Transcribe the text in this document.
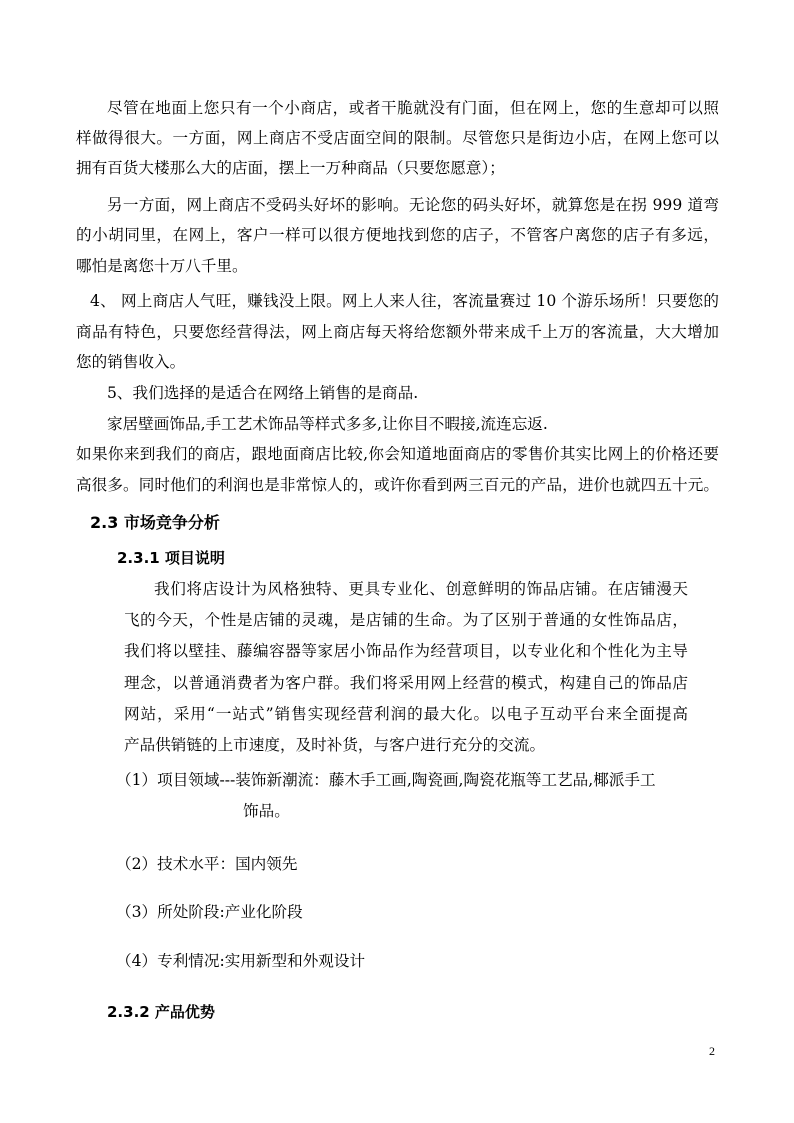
尽管在地面上您只有一个小商店，或者干脆就没有门面，但在网上，您的生意却可以照
样做得很大。一方面，网上商店不受店面空间的限制。尽管您只是街边小店，在网上您可以
拥有百货大楼那么大的店面，摆上一万种商品（只要您愿意）；
另一方面，网上商店不受码头好坏的影响。无论您的码头好坏，就算您是在拐 999 道弯
的小胡同里，在网上，客户一样可以很方便地找到您的店子，不管客户离您的店子有多远，
哪怕是离您十万八千里。
4、 网上商店人气旺，赚钱没上限。网上人来人往，客流量赛过 10 个游乐场所！只要您的
商品有特色，只要您经营得法，网上商店每天将给您额外带来成千上万的客流量，大大增加
您的销售收入。
5、我们选择的是适合在网络上销售的是商品.
家居壁画饰品,手工艺术饰品等样式多多,让你目不暇接,流连忘返.
如果你来到我们的商店，跟地面商店比较,你会知道地面商店的零售价其实比网上的价格还要
高很多。同时他们的利润也是非常惊人的，或许你看到两三百元的产品，进价也就四五十元。
2.3 市场竞争分析
2.3.1 项目说明
我们将店设计为风格独特、更具专业化、创意鲜明的饰品店铺。在店铺漫天
飞的今天，个性是店铺的灵魂，是店铺的生命。为了区别于普通的女性饰品店，
我们将以壁挂、藤编容器等家居小饰品作为经营项目，以专业化和个性化为主导
理念，以普通消费者为客户群。我们将采用网上经营的模式，构建自己的饰品店
网站，采用“一站式”销售实现经营利润的最大化。以电子互动平台来全面提高
产品供销链的上市速度，及时补货，与客户进行充分的交流。
（1）项目领域---装饰新潮流：藤木手工画,陶瓷画,陶瓷花瓶等工艺品,椰派手工
饰品。
（2）技术水平：国内领先
（3）所处阶段:产业化阶段
（4）专利情况:实用新型和外观设计
2.3.2 产品优势
2
